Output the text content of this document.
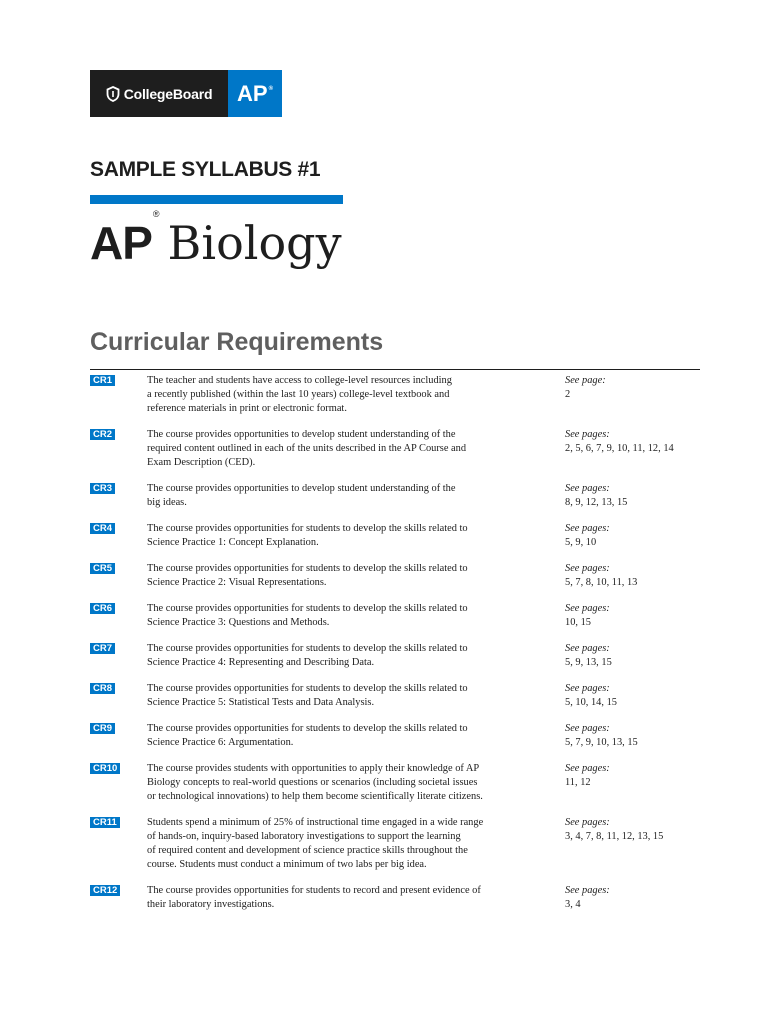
CollegeBoard AP®
SAMPLE SYLLABUS #1
AP®Biology
Curricular Requirements
CR1	The teacher and students have access to college-level resources including
a recently published (within the last 10 years) college-level textbook and
reference materials in print or electronic format.
See page:
2
CR2	The course provides opportunities to develop student understanding of the
required content outlined in each of the units described in the AP Course and
Exam Description (CED).
See pages:
2, 5, 6, 7, 9, 10, 11, 12, 14
CR3	The course provides opportunities to develop student understanding of the
big ideas.
See pages:
8, 9, 12, 13, 15
CR4	The course provides opportunities for students to develop the skills related to
Science Practice 1: Concept Explanation.
See pages:
5, 9, 10
CR5	The course provides opportunities for students to develop the skills related to
Science Practice 2: Visual Representations.
See pages:
5, 7, 8, 10, 11, 13
CR6	The course provides opportunities for students to develop the skills related to
Science Practice 3: Questions and Methods.
See pages:
10, 15
CR7	The course provides opportunities for students to develop the skills related to
Science Practice 4: Representing and Describing Data.
See pages:
5, 9, 13, 15
CR8	The course provides opportunities for students to develop the skills related to
Science Practice 5: Statistical Tests and Data Analysis.
See pages:
5, 10, 14, 15
CR9	The course provides opportunities for students to develop the skills related to
Science Practice 6: Argumentation.
See pages:
5, 7, 9, 10, 13, 15
CR10	The course provides students with opportunities to apply their knowledge of AP
Biology concepts to real-world questions or scenarios (including societal issues
or technological innovations) to help them become scientifically literate citizens.
See pages:
11, 12
CR11	Students spend a minimum of 25% of instructional time engaged in a wide range
of hands-on, inquiry-based laboratory investigations to support the learning
of required content and development of science practice skills throughout the
course. Students must conduct a minimum of two labs per big idea.
See pages:
3, 4, 7, 8, 11, 12, 13, 15
CR12	The course provides opportunities for students to record and present evidence of
their laboratory investigations.
See pages:
3, 4
